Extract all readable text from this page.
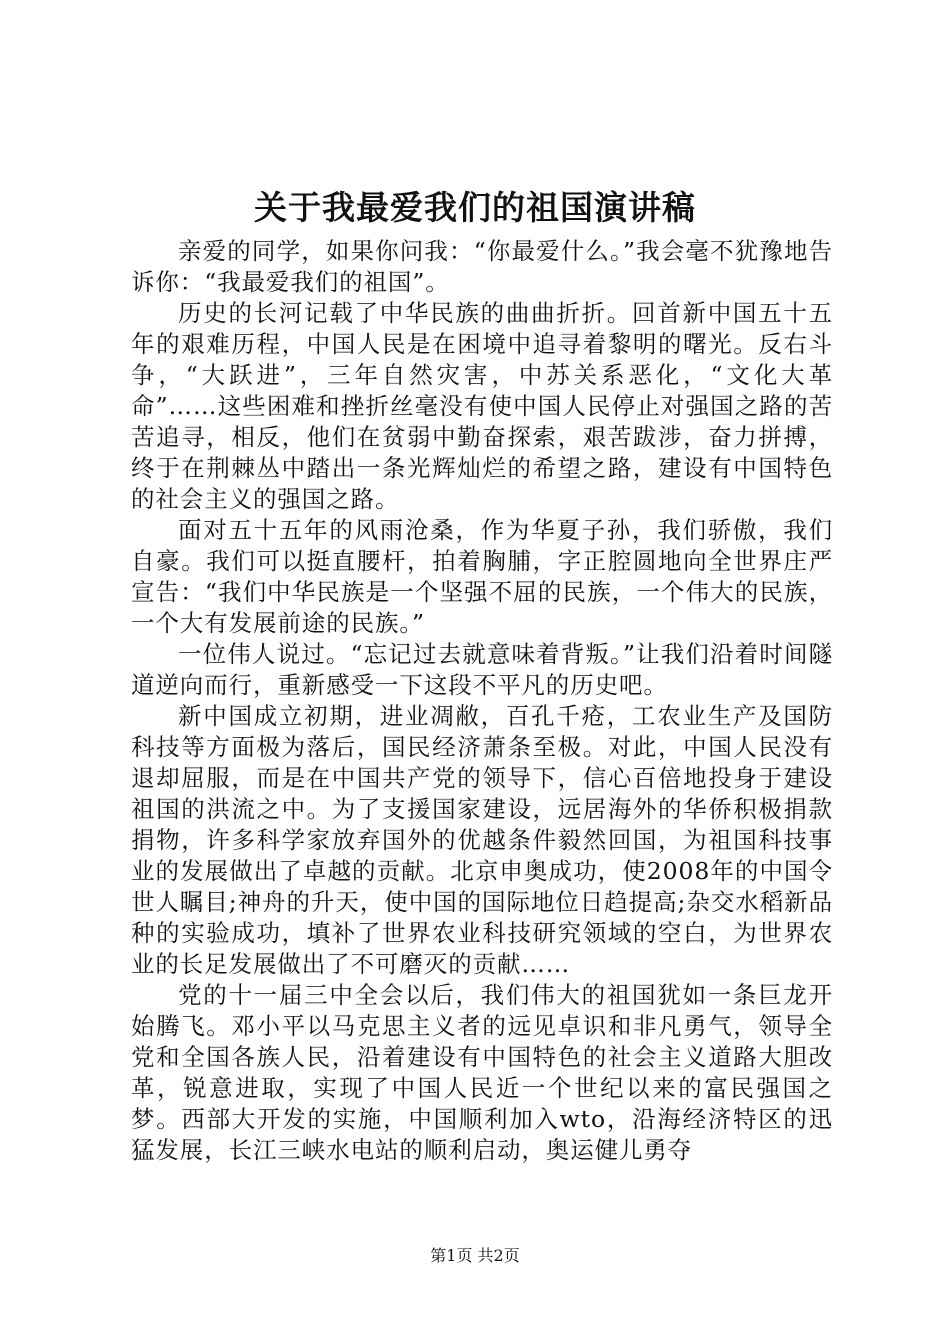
关于我最爱我们的祖国演讲稿

亲爱的同学，如果你问我：“你最爱什么。”我会毫不犹豫地告诉你：“我最爱我们的祖国”。

历史的长河记载了中华民族的曲曲折折。回首新中国五十五年的艰难历程，中国人民是在困境中追寻着黎明的曙光。反右斗争，“大跃进”，三年自然灾害，中苏关系恶化，“文化大革命”……这些困难和挫折丝毫没有使中国人民停止对强国之路的苦苦追寻，相反，他们在贫弱中勤奋探索，艰苦跋涉，奋力拼搏，终于在荆棘丛中踏出一条光辉灿烂的希望之路，建设有中国特色的社会主义的强国之路。

面对五十五年的风雨沧桑，作为华夏子孙，我们骄傲，我们自豪。我们可以挺直腰杆，拍着胸脯，字正腔圆地向全世界庄严宣告：“我们中华民族是一个坚强不屈的民族，一个伟大的民族，一个大有发展前途的民族。”

一位伟人说过。“忘记过去就意味着背叛。”让我们沿着时间隧道逆向而行，重新感受一下这段不平凡的历史吧。

新中国成立初期，进业凋敝，百孔千疮，工农业生产及国防科技等方面极为落后，国民经济萧条至极。对此，中国人民没有退却屈服，而是在中国共产党的领导下，信心百倍地投身于建设祖国的洪流之中。为了支援国家建设，远居海外的华侨积极捐款捐物，许多科学家放弃国外的优越条件毅然回国，为祖国科技事业的发展做出了卓越的贡献。北京申奥成功，使2008年的中国令世人瞩目;神舟的升天，使中国的国际地位日趋提高;杂交水稻新品种的实验成功，填补了世界农业科技研究领域的空白，为世界农业的长足发展做出了不可磨灭的贡献……

党的十一届三中全会以后，我们伟大的祖国犹如一条巨龙开始腾飞。邓小平以马克思主义者的远见卓识和非凡勇气，领导全党和全国各族人民，沿着建设有中国特色的社会主义道路大胆改革，锐意进取，实现了中国人民近一个世纪以来的富民强国之梦。西部大开发的实施，中国顺利加入wto，沿海经济特区的迅猛发展，长江三峡水电站的顺利启动，奥运健儿勇夺

第1页 共2页
